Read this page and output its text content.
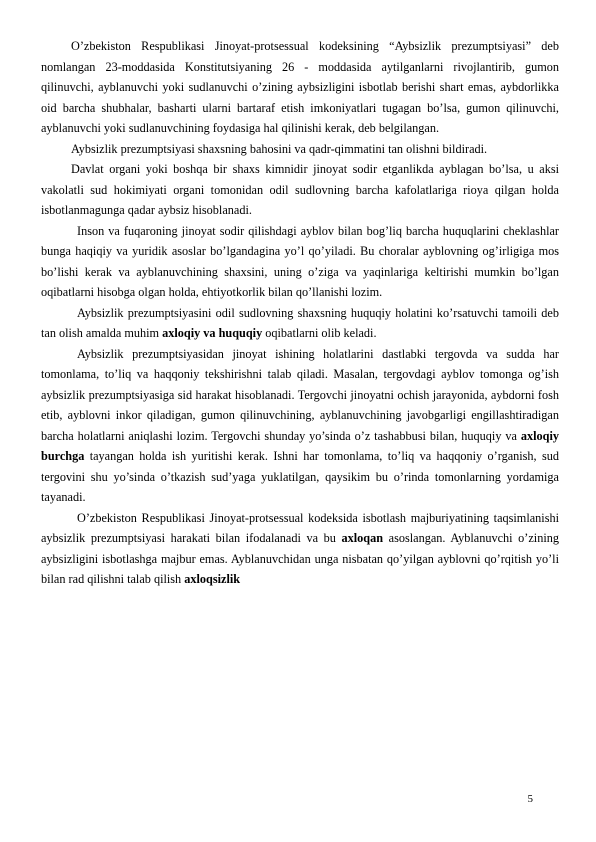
O’zbekiston Respublikasi Jinoyat-protsessual kodeksining “Aybsizlik prezumptsiyasi” deb nomlangan 23-moddasida Konstitutsiyaning 26 - moddasida aytilganlarni rivojlantirib, gumon qilinuvchi, ayblanuvchi yoki sudlanuvchi o’zining aybsizligini isbotlab berishi shart emas, aybdorlikka oid barcha shubhalar, basharti ularni bartaraf etish imkoniyatlari tugagan bo’lsa, gumon qilinuvchi, ayblanuvchi yoki sudlanuvchining foydasiga hal qilinishi kerak, deb belgilangan.

Aybsizlik prezumptsiyasi shaxsning bahosini va qadr-qimmatini tan olishni bildiradi.

Davlat organi yoki boshqa bir shaxs kimnidir jinoyat sodir etganlikda ayblagan bo’lsa, u aksi vakolatli sud hokimiyati organi tomonidan odil sudlovning barcha kafolatlariga rioya qilgan holda isbotlanmagunga qadar aybsiz hisoblanadi.

Inson va fuqaroning jinoyat sodir qilishdagi ayblov bilan bog’liq barcha huquqlarini cheklashlar bunga haqiqiy va yuridik asoslar bo’lgandagina yo’l qo’yiladi. Bu choralar ayblovning og’irligiga mos bo’lishi kerak va ayblanuvchining shaxsini, uning o’ziga va yaqinlariga keltirishi mumkin bo’lgan oqibatlarni hisobga olgan holda, ehtiyotkorlik bilan qo’llanishi lozim.

Aybsizlik prezumptsiyasini odil sudlovning shaxsning huquqiy holatini ko’rsatuvchi tamoili deb tan olish amalda muhim axloqiy va huquqiy oqibatlarni olib keladi.

Aybsizlik prezumptsiyasidan jinoyat ishining holatlarini dastlabki tergovda va sudda har tomonlama, to’liq va haqqoniy tekshirishni talab qiladi. Masalan, tergovdagi ayblov tomonga og’ish aybsizlik prezumptsiyasiga sid harakat hisoblanadi. Tergovchi jinoyatni ochish jarayonida, aybdorni fosh etib, ayblovni inkor qiladigan, gumon qilinuvchining, ayblanuvchining javobgarligi engillashtiradigan barcha holatlarni aniqlashi lozim. Tergovchi shunday yo’sinda o’z tashabbusi bilan, huquqiy va axloqiy burchga tayangan holda ish yuritishi kerak. Ishni har tomonlama, to’liq va haqqoniy o’rganish, sud tergovini shu yo’sinda o’tkazish sud’yaga yuklatilgan, qaysikim bu o’rinda tomonlarning yordamiga tayanadi.

O’zbekiston Respublikasi Jinoyat-protsessual kodeksida isbotlash majburiyatining taqsimlanishi aybsizlik prezumptsiyasi harakati bilan ifodalanadi va bu axloqan asoslangan. Ayblanuvchi o’zining aybsizligini isbotlashga majbur emas. Ayblanuvchidan unga nisbatan qo’yilgan ayblovni qo’rqitish yo’li bilan rad qilishni talab qilish axloqsizlik

5
